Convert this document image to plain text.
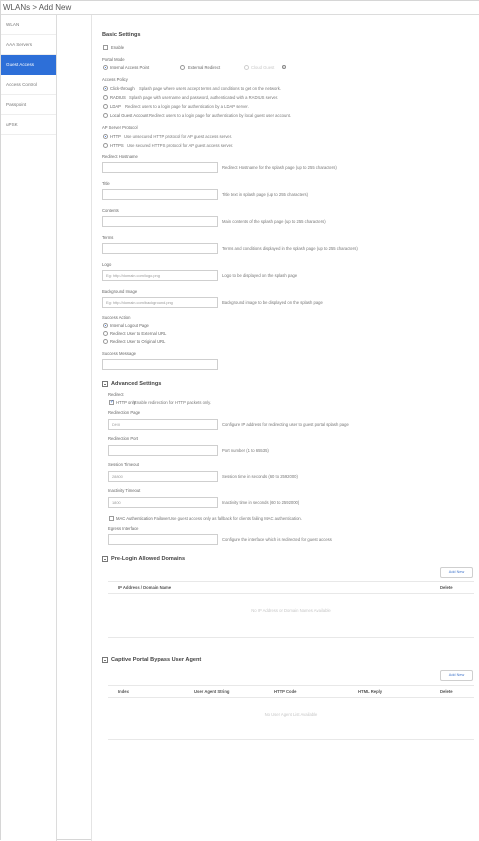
WLANs > Add New
WLAN
AAA Servers
Guest Access
Access Control
Passpoint
uPSK
Basic Settings
Enable
Portal Mode
Internal Access Point	External Redirect	Cloud Guest	i
Access Policy
Click-through Splash page where users accept terms and conditions to get on the network.
RADIUS Splash page with username and password, authenticated with a RADIUS server.
LDAP Redirect users to a login page for authentication by a LDAP server.
Local Guest Account Redirect users to a login page for authentication by local guest user account.
AP Server Protocol
HTTP Use unsecured HTTP protocol for AP guest access server.
HTTPS Use secured HTTPS protocol for AP guest access server.
Redirect Hostname
Redirect Hostname for the splash page (up to 255 characters)
Title
Title text in splash page (up to 255 characters)
Contents
Main contents of the splash page (up to 255 characters)
Terms
Terms and conditions displayed in the splash page (up to 255 characters)
Logo
Eg: http://domain.com/logo.png	Logo to be displayed on the splash page
Background Image
Eg: http://domain.com/background.png	Background image to be displayed on the splash page
Success Action
Internal Logout Page
Redirect User to External URL
Redirect User to Original URL
Success Message
Advanced Settings
Redirect
✓
HTTP only
Enable redirection for HTTP packets only.
Redirection Page
DHII	Configure IP address for redirecting user to guest portal splash page
Redirection Port
Port number (1 to 65535)
Session Timeout
28800	Session time in seconds (60 to 2592000)
Inactivity Timeout
1800	Inactivity time in seconds (60 to 2592000)
MAC Authentication Failover Use guest access only as fallback for clients failing MAC authentication.
Egress Interface
Configure the interface which is redirected for guest access
Pre-Login Allowed Domains
Add New
IP Address / Domain Name	Delete
No IP Address or Domain Names Available
Captive Portal Bypass User Agent
Add New
Index	User Agent String	HTTP Code	HTML Reply	Delete
No User Agent List Available
